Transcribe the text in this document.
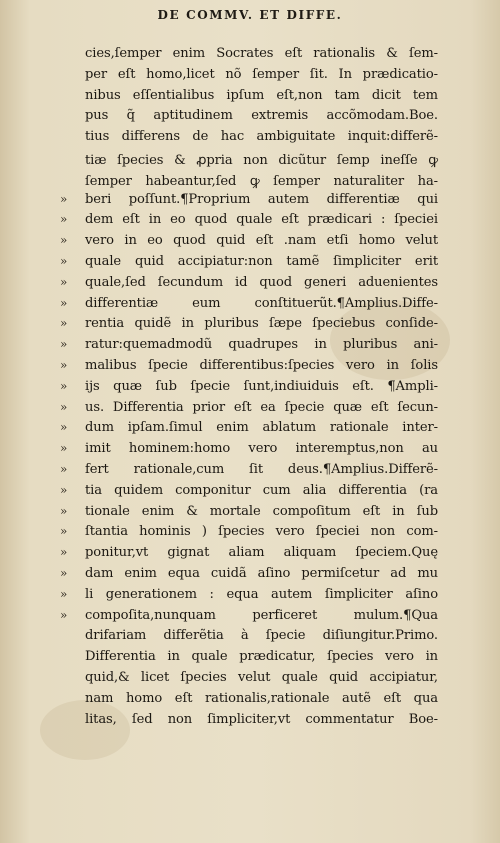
DE COMMV. ET DIFFE.
cies,ſemper enim Socrates eſt rationalis & ſem-
per eſt homo,licet nõ ſemper ſit. In prædicatio-
nibus eſſentialibus ipſum eſt,non tam dicit tem
pus q̃ aptitudinem extremis accõmodam.Boe.
tius differens de hac ambiguitate inquit:differẽ-
tiæ ſpecies & ꝓpria non dicũtur ſemp ineſſe ꝙ
ſemper habeantur,ſed ꝙ ſemper naturaliter ha-
»	beri poſſunt.¶Proprium autem differentiæ qui
»	dem eſt in eo quod quale eſt prædicari : ſpeciei
»	vero in eo quod quid eſt .nam etſi homo velut
»	quale quid accipiatur:non tamẽ ſimpliciter erit
»	quale,ſed ſecundum id quod generi aduenientes
»	differentiæ eum conſtituerũt.¶Amplius.Diffe-
»	rentia quidẽ in pluribus ſæpe ſpeciebus conſide-
»	ratur:quemadmodũ quadrupes in pluribus ani-
»	malibus ſpecie differentibus:ſpecies vero in ſolis
»	ijs quæ ſub ſpecie ſunt,indiuiduis eſt. ¶Ampli-
»	us. Differentia prior eſt ea ſpecie quæ eſt ſecun-
»	dum ipſam.ſimul enim ablatum rationale inter-
»	imit hominem:homo vero interemptus,non au
»	fert rationale,cum ſit deus.¶Amplius.Differẽ-
»	tia quidem componitur cum alia differentia (ra
»	tionale enim & mortale compoſitum eſt in ſub
»	ſtantia hominis ) ſpecies vero ſpeciei non com-
»	ponitur,vt gignat aliam aliquam ſpeciem.Quę
»	dam enim equa cuidã aſino permiſcetur ad mu
»	li generationem : equa autem ſimpliciter aſino
»	compoſita,nunquam perficeret mulum.¶Qua
drifariam differẽtia à ſpecie diſiungitur.Primo.
Differentia in quale prædicatur, ſpecies vero in
quid,& licet ſpecies velut quale quid accipiatur,
nam homo eſt rationalis,rationale autẽ eſt qua
litas, ſed non ſimpliciter,vt commentatur Boe-
